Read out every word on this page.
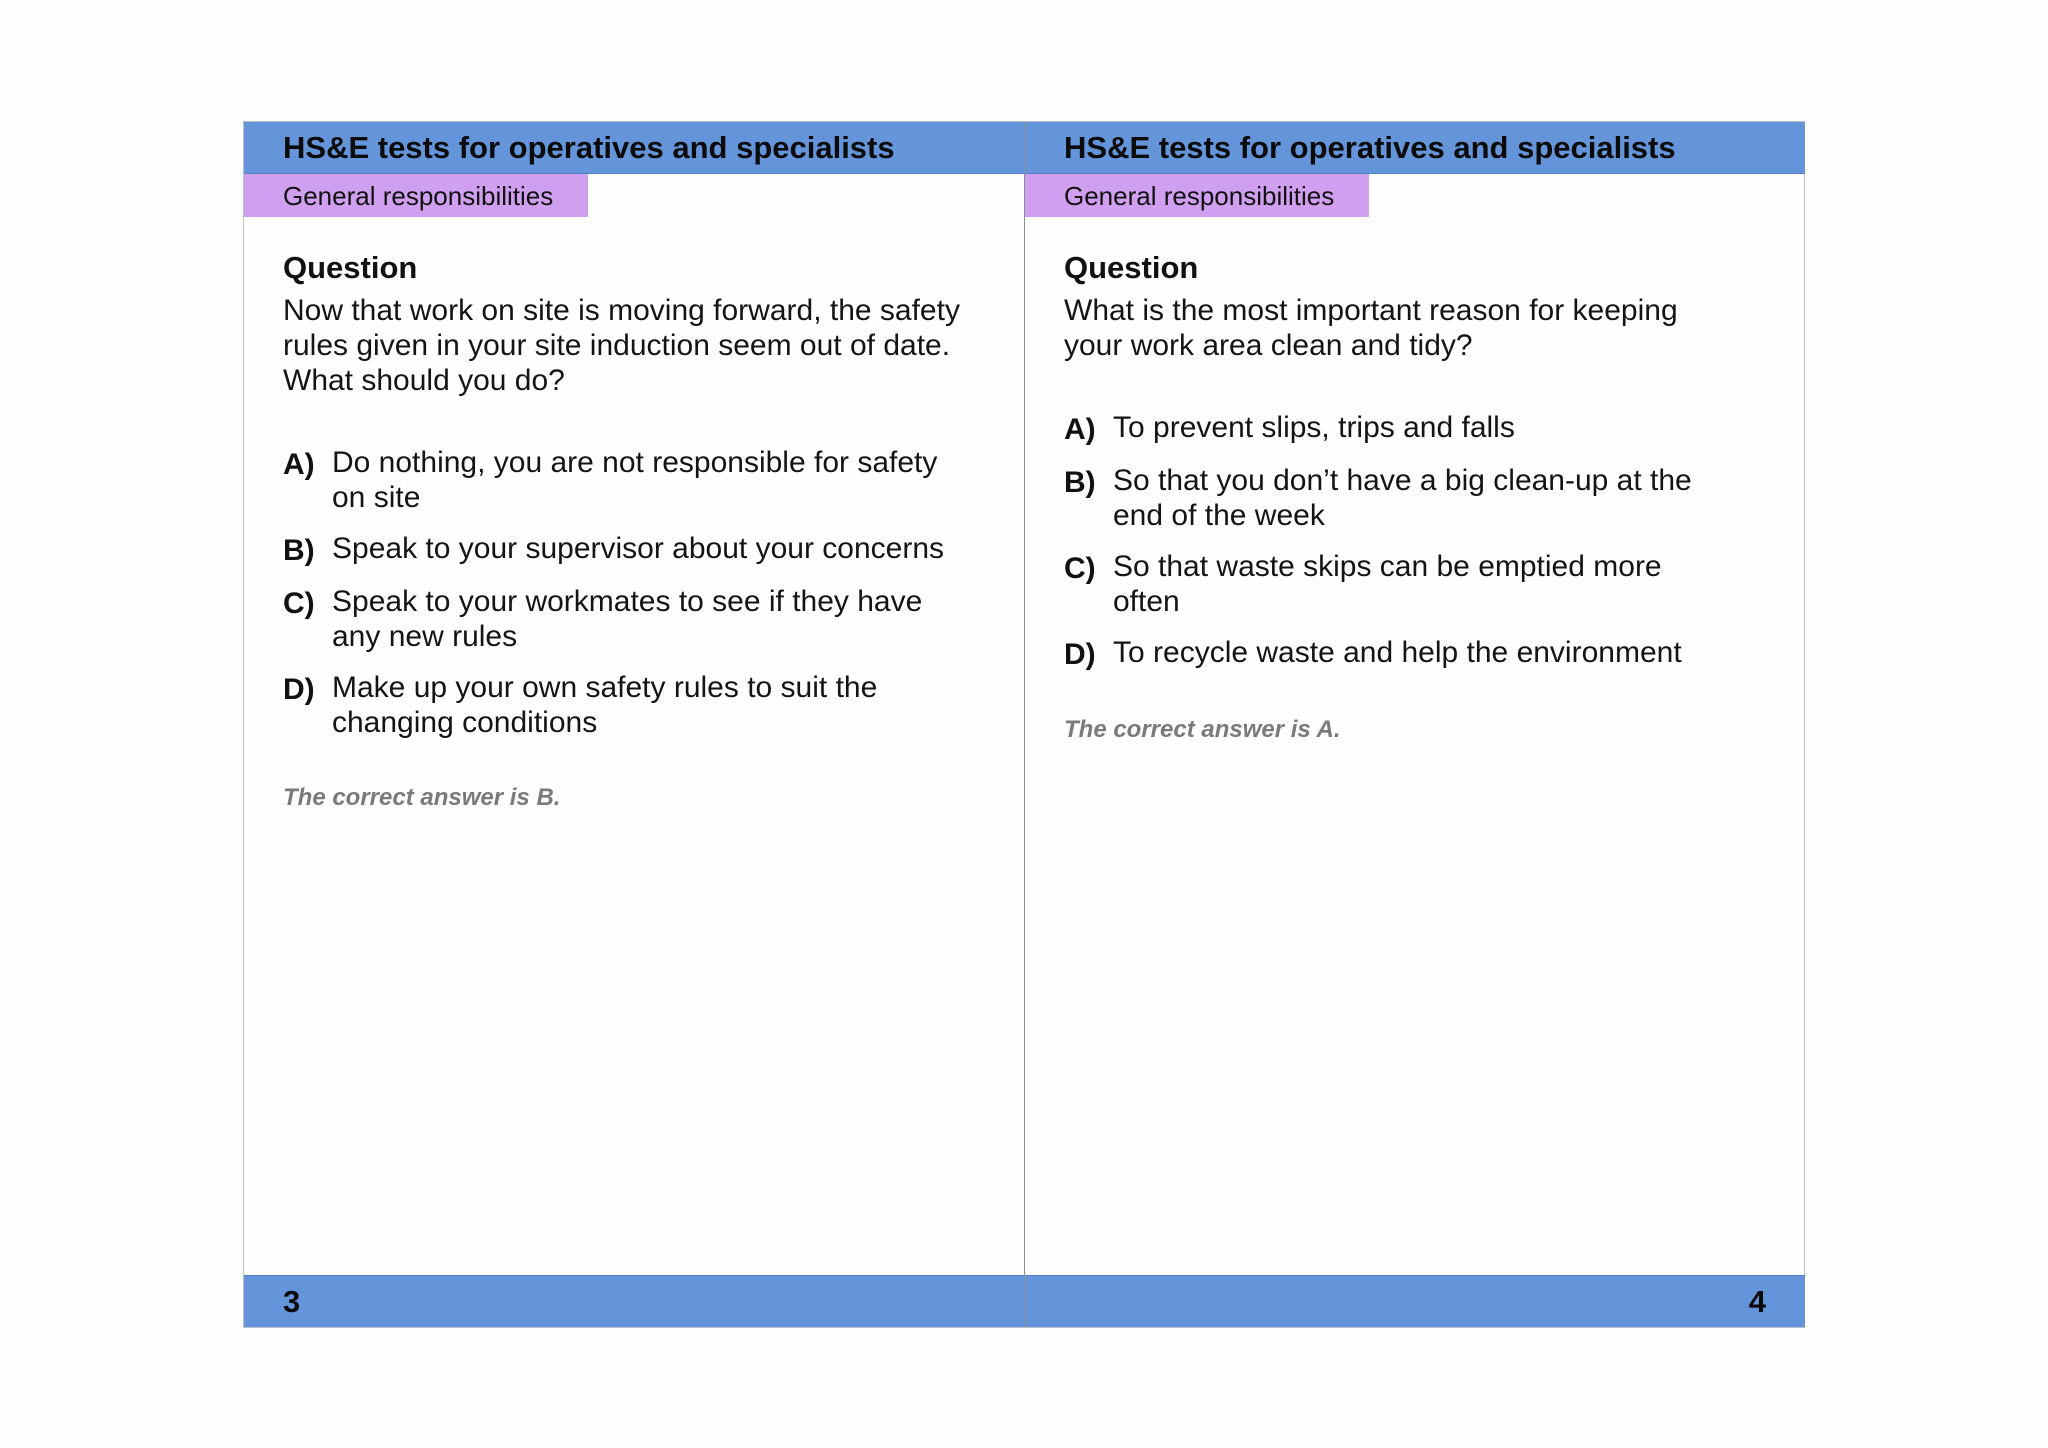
HS&E tests for operatives and specialists
General responsibilities

Question

Now that work on site is moving forward, the safety rules given in your site induction seem out of date. What should you do?

A) Do nothing, you are not responsible for safety on site
B) Speak to your supervisor about your concerns
C) Speak to your workmates to see if they have any new rules
D) Make up your own safety rules to suit the changing conditions

The correct answer is B.

3
HS&E tests for operatives and specialists
General responsibilities

Question

What is the most important reason for keeping your work area clean and tidy?

A) To prevent slips, trips and falls
B) So that you don’t have a big clean-up at the end of the week
C) So that waste skips can be emptied more often
D) To recycle waste and help the environment

The correct answer is A.

4
